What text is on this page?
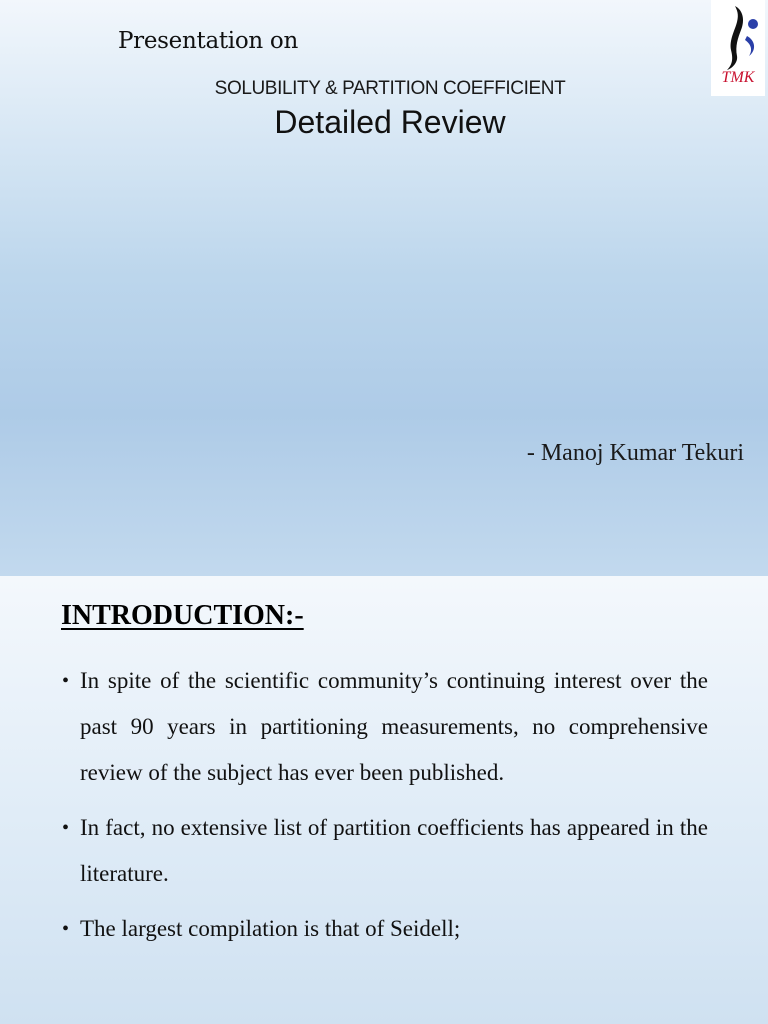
Presentation on
SOLUBILITY & PARTITION COEFFICIENT
Detailed Review
- Manoj Kumar Tekuri
TMK
INTRODUCTION:-
• In spite of the scientific community’s continuing interest over the past 90 years in partitioning measurements, no comprehensive review of the subject has ever been published.
• In fact, no extensive list of partition coefficients has appeared in the literature.
• The largest compilation is that of Seidell;
